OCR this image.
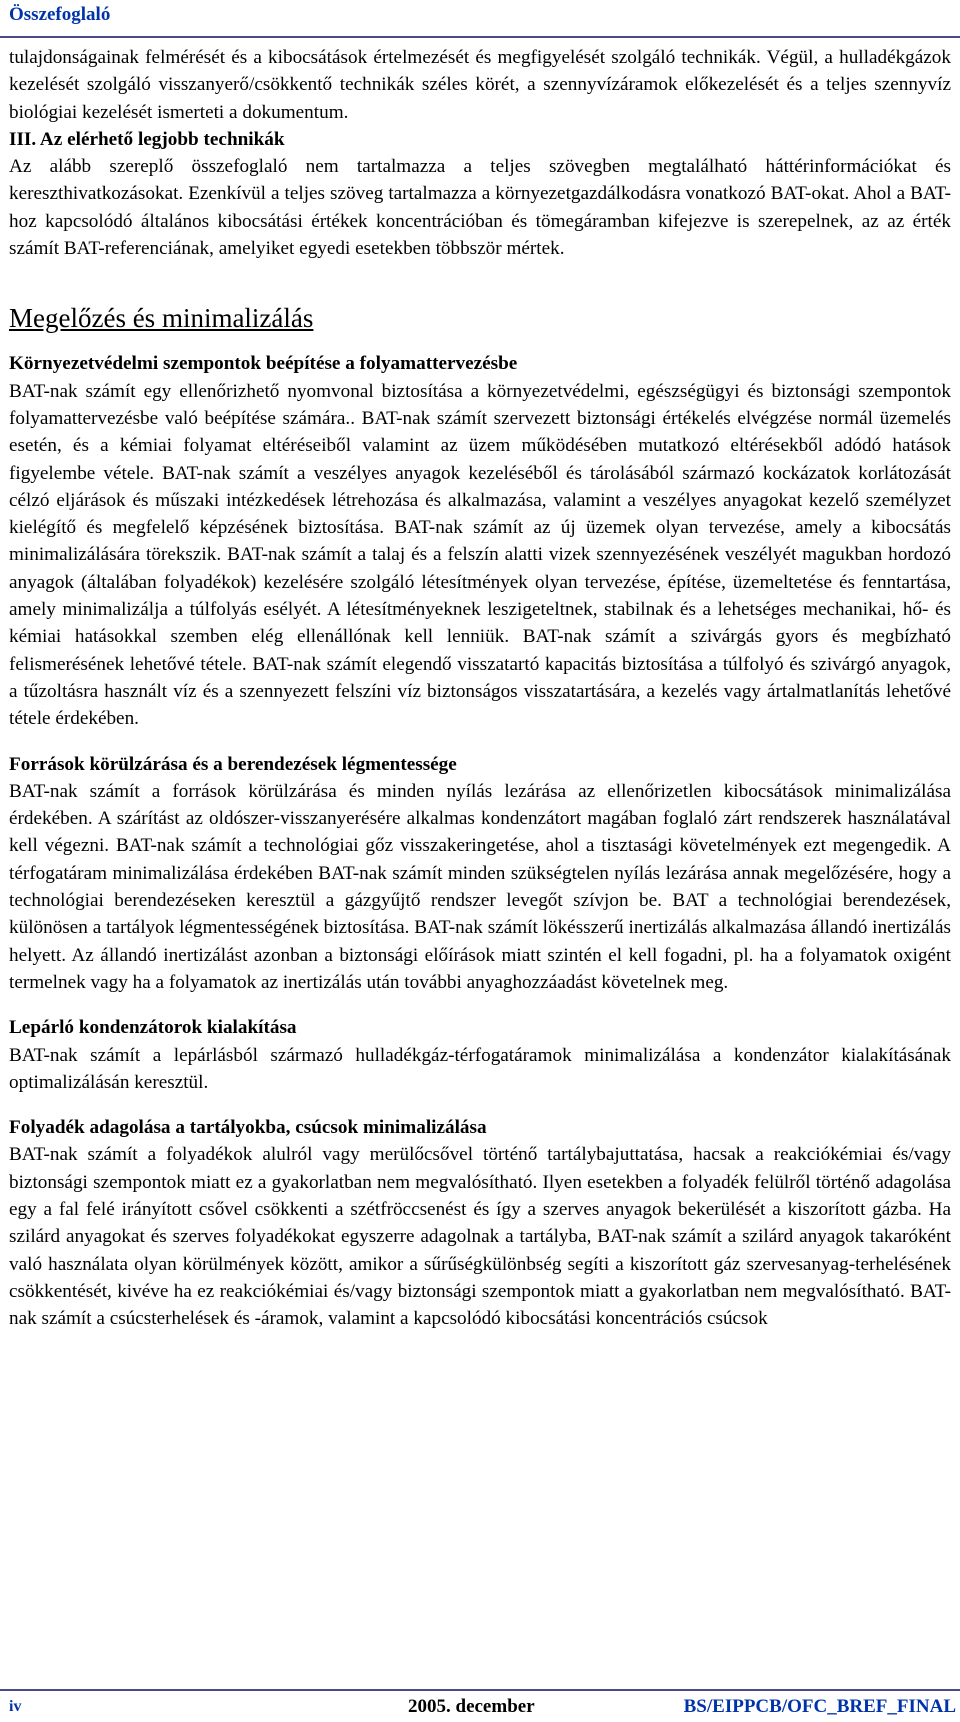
Összefoglaló

tulajdonságainak felmérését és a kibocsátások értelmezését és megfigyelését szolgáló technikák. Végül, a hulladékgázok kezelését szolgáló visszanyerő/csökkentő technikák széles körét, a szennyvízáramok előkezelését és a teljes szennyvíz biológiai kezelését ismerteti a dokumentum.

III. Az elérhető legjobb technikák

Az alább szereplő összefoglaló nem tartalmazza a teljes szövegben megtalálható háttérinformációkat és kereszthivatkozásokat. Ezenkívül a teljes szöveg tartalmazza a környezetgazdálkodásra vonatkozó BAT-okat. Ahol a BAT-hoz kapcsolódó általános kibocsátási értékek koncentrációban és tömegáramban kifejezve is szerepelnek, az az érték számít BAT-referenciának, amelyiket egyedi esetekben többször mértek.

Megelőzés és minimalizálás
Környezetvédelmi szempontok beépítése a folyamattervezésbe

BAT-nak számít egy ellenőrizhető nyomvonal biztosítása a környezetvédelmi, egészségügyi és biztonsági szempontok folyamattervezésbe való beépítése számára.. BAT-nak számít szervezett biztonsági értékelés elvégzése normál üzemelés esetén, és a kémiai folyamat eltéréseiből valamint az üzem működésében mutatkozó eltérésekből adódó hatások figyelembe vétele. BAT-nak számít a veszélyes anyagok kezeléséből és tárolásából származó kockázatok korlátozását célzó eljárások és műszaki intézkedések létrehozása és alkalmazása, valamint a veszélyes anyagokat kezelő személyzet kielégítő és megfelelő képzésének biztosítása. BAT-nak számít az új üzemek olyan tervezése, amely a kibocsátás minimalizálására törekszik. BAT-nak számít a talaj és a felszín alatti vizek szennyezésének veszélyét magukban hordozó anyagok (általában folyadékok) kezelésére szolgáló létesítmények olyan tervezése, építése, üzemeltetése és fenntartása, amely minimalizálja a túlfolyás esélyét. A létesítményeknek leszigeteltnek, stabilnak és a lehetséges mechanikai, hő- és kémiai hatásokkal szemben elég ellenállónak kell lenniük. BAT-nak számít a szivárgás gyors és megbízható felismerésének lehetővé tétele. BAT-nak számít elegendő visszatartó kapacitás biztosítása a túlfolyó és szivárgó anyagok, a tűzoltásra használt víz és a szennyezett felszíni víz biztonságos visszatartására, a kezelés vagy ártalmatlanítás lehetővé tétele érdekében.

Források körülzárása és a berendezések légmentessége

BAT-nak számít a források körülzárása és minden nyílás lezárása az ellenőrizetlen kibocsátások minimalizálása érdekében. A szárítást az oldószer-visszanyerésére alkalmas kondenzátort magában foglaló zárt rendszerek használatával kell végezni. BAT-nak számít a technológiai gőz visszakeringetése, ahol a tisztasági követelmények ezt megengedik. A térfogatáram minimalizálása érdekében BAT-nak számít minden szükségtelen nyílás lezárása annak megelőzésére, hogy a technológiai berendezéseken keresztül a gázgyűjtő rendszer levegőt szívjon be. BAT a technológiai berendezések, különösen a tartályok légmentességének biztosítása. BAT-nak számít lökésszerű inertizálás alkalmazása állandó inertizálás helyett. Az állandó inertizálást azonban a biztonsági előírások miatt szintén el kell fogadni, pl. ha a folyamatok oxigént termelnek vagy ha a folyamatok az inertizálás után további anyaghozzáadást követelnek meg.

Lepárló kondenzátorok kialakítása

BAT-nak számít a lepárlásból származó hulladékgáz-térfogatáramok minimalizálása a kondenzátor kialakításának optimalizálásán keresztül.

Folyadék adagolása a tartályokba, csúcsok minimalizálása

BAT-nak számít a folyadékok alulról vagy merülőcsővel történő tartálybajuttatása, hacsak a reakciókémiai és/vagy biztonsági szempontok miatt ez a gyakorlatban nem megvalósítható. Ilyen esetekben a folyadék felülről történő adagolása egy a fal felé irányított csővel csökkenti a szétfröccsenést és így a szerves anyagok bekerülését a kiszorított gázba. Ha szilárd anyagokat és szerves folyadékokat egyszerre adagolnak a tartályba, BAT-nak számít a szilárd anyagok takaróként való használata olyan körülmények között, amikor a sűrűségkülönbség segíti a kiszorított gáz szervesanyag-terhelésének csökkentését, kivéve ha ez reakciókémiai és/vagy biztonsági szempontok miatt a gyakorlatban nem megvalósítható. BAT-nak számít a csúcsterhelések és -áramok, valamint a kapcsolódó kibocsátási koncentrációs csúcsok

iv	2005. december	BS/EIPPCB/OFC_BREF_FINAL
